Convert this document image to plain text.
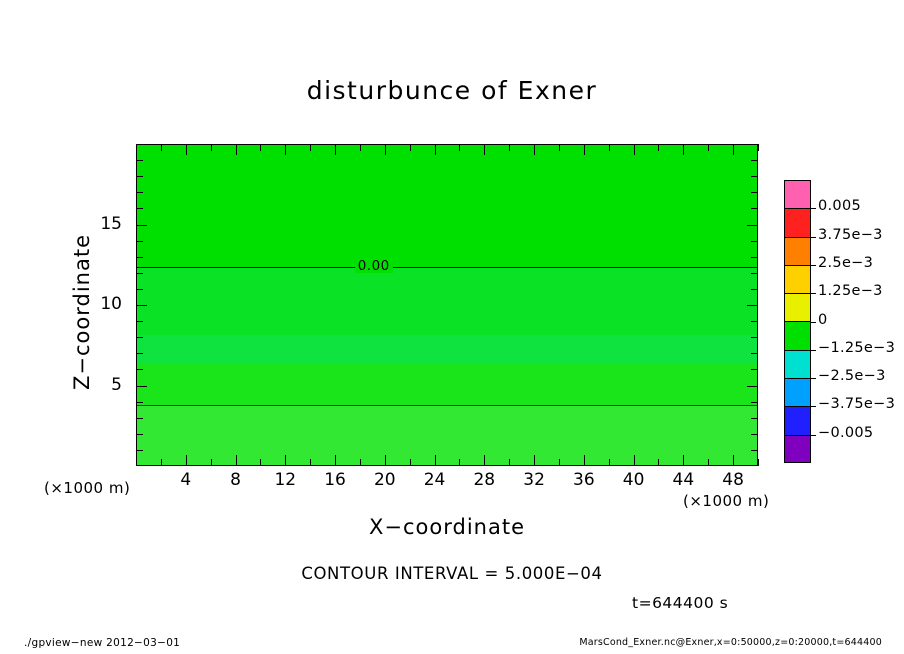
disturbunce of Exner
0.00
Z−coordinate
X−coordinate
(×1000 m)
(×1000 m)
CONTOUR INTERVAL = 5.000E−04
t=644400 s
./gpview−new 2012−03−01	MarsCond_Exner.nc@Exner,x=0:50000,z=0:20000,t=644400
4	8	12	16	20	24	28	32	36	40	44	48
5
10
15
0.005
3.75e−3
2.5e−3
1.25e−3
0
−1.25e−3
−2.5e−3
−3.75e−3
−0.005
